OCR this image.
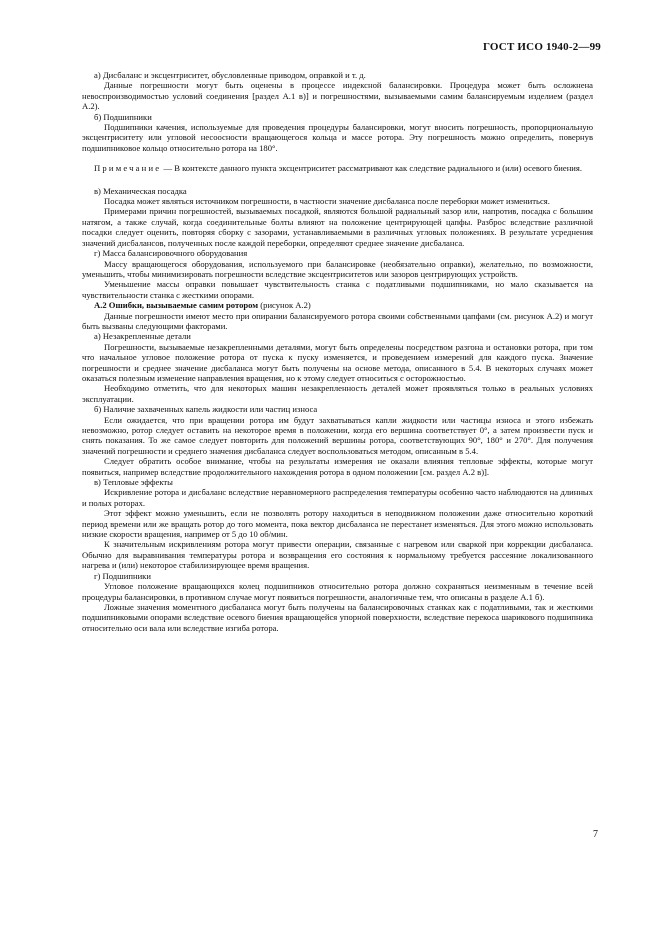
ГОСТ ИСО 1940-2—99

а) Дисбаланс и эксцентриситет, обусловленные приводом, оправкой и т. д.

Данные погрешности могут быть оценены в процессе индексной балансировки. Процедура может быть осложнена невоспроизводимостью условий соединения [раздел А.1 в)] и погрешностями, вызываемыми самим балансируемым изделием (раздел А.2).

б) Подшипники

Подшипники качения, используемые для проведения процедуры балансировки, могут вносить погрешность, пропорциональную эксцентриситету или угловой несоосности вращающегося кольца и массе ротора. Эту погрешность можно определить, повернув подшипниковое кольцо относительно ротора на 180°.

Примечание — В контексте данного пункта эксцентриситет рассматривают как следствие радиального и (или) осевого биения.

в) Механическая посадка

Посадка может являться источником погрешности, в частности значение дисбаланса после переборки может измениться.

Примерами причин погрешностей, вызываемых посадкой, являются большой радиальный зазор или, напротив, посадка с большим натягом, а также случай, когда соединительные болты влияют на положение центрирующей цапфы. Разброс вследствие различной посадки следует оценить, повторяя сборку с зазорами, устанавливаемыми в различных угловых положениях. В результате усреднения значений дисбалансов, полученных после каждой переборки, определяют среднее значение дисбаланса.

г) Масса балансировочного оборудования

Массу вращающегося оборудования, используемого при балансировке (необязательно оправки), желательно, по возможности, уменьшить, чтобы минимизировать погрешности вследствие эксцентриситетов или зазоров центрирующих устройств.

Уменьшение массы оправки повышает чувствительность станка с податливыми подшипниками, но мало сказывается на чувствительности станка с жесткими опорами.

А.2 Ошибки, вызываемые самим ротором (рисунок А.2)

Данные погрешности имеют место при опирании балансируемого ротора своими собственными цапфами (см. рисунок А.2) и могут быть вызваны следующими факторами.

а) Незакрепленные детали

Погрешности, вызываемые незакрепленными деталями, могут быть определены посредством разгона и остановки ротора, при том что начальное угловое положение ротора от пуска к пуску изменяется, и проведением измерений для каждого пуска. Значение погрешности и среднее значение дисбаланса могут быть получены на основе метода, описанного в 5.4. В некоторых случаях может оказаться полезным изменение направления вращения, но к этому следует относиться с осторожностью.

Необходимо отметить, что для некоторых машин незакрепленность деталей может проявляться только в реальных условиях эксплуатации.

б) Наличие захваченных капель жидкости или частиц износа

Если ожидается, что при вращении ротора им будут захватываться капли жидкости или частицы износа и этого избежать невозможно, ротор следует оставить на некоторое время в положении, когда его вершина соответствует 0°, а затем произвести пуск и снять показания. То же самое следует повторить для положений вершины ротора, соответствующих 90°, 180° и 270°. Для получения значений погрешности и среднего значения дисбаланса следует воспользоваться методом, описанным в 5.4.

Следует обратить особое внимание, чтобы на результаты измерения не оказали влияния тепловые эффекты, которые могут появиться, например вследствие продолжительного нахождения ротора в одном положении [см. раздел А.2 в)].

в) Тепловые эффекты

Искривление ротора и дисбаланс вследствие неравномерного распределения температуры особенно часто наблюдаются на длинных и полых роторах.

Этот эффект можно уменьшить, если не позволять ротору находиться в неподвижном положении даже относительно короткий период времени или же вращать ротор до того момента, пока вектор дисбаланса не перестанет изменяться. Для этого можно использовать низкие скорости вращения, например от 5 до 10 об/мин.

К значительным искривлениям ротора могут привести операции, связанные с нагревом или сваркой при коррекции дисбаланса. Обычно для выравнивания температуры ротора и возвращения его состояния к нормальному требуется рассеяние локализованного нагрева и (или) некоторое стабилизирующее время вращения.

г) Подшипники

Угловое положение вращающихся колец подшипников относительно ротора должно сохраняться неизменным в течение всей процедуры балансировки, в противном случае могут появиться погрешности, аналогичные тем, что описаны в разделе А.1 б).

Ложные значения моментного дисбаланса могут быть получены на балансировочных станках как с податливыми, так и жесткими подшипниковыми опорами вследствие осевого биения вращающейся упорной поверхности, вследствие перекоса шарикового подшипника относительно оси вала или вследствие изгиба ротора.

7
